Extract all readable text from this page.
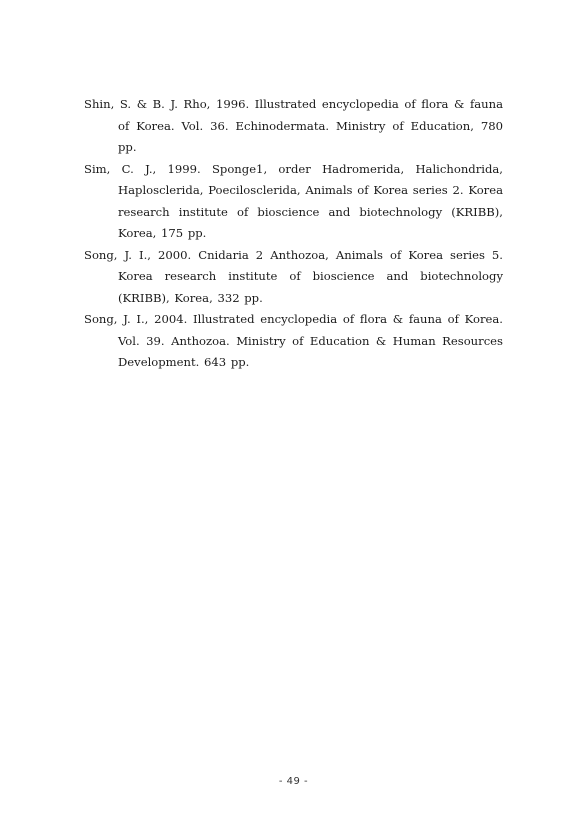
Shin, S. & B. J. Rho, 1996. Illustrated encyclopedia of flora & fauna of Korea. Vol. 36. Echinodermata. Ministry of Education, 780 pp.

Sim, C. J., 1999. Sponge1, order Hadromerida, Halichondrida, Haplosclerida, Poecilosclerida, Animals of Korea series 2. Korea research institute of bioscience and biotechnology (KRIBB), Korea, 175 pp.

Song, J. I., 2000. Cnidaria 2 Anthozoa, Animals of Korea series 5. Korea research institute of bioscience and biotechnology (KRIBB), Korea, 332 pp.

Song, J. I., 2004. Illustrated encyclopedia of flora & fauna of Korea. Vol. 39. Anthozoa. Ministry of Education & Human Resources Development. 643 pp.

- 49 -
